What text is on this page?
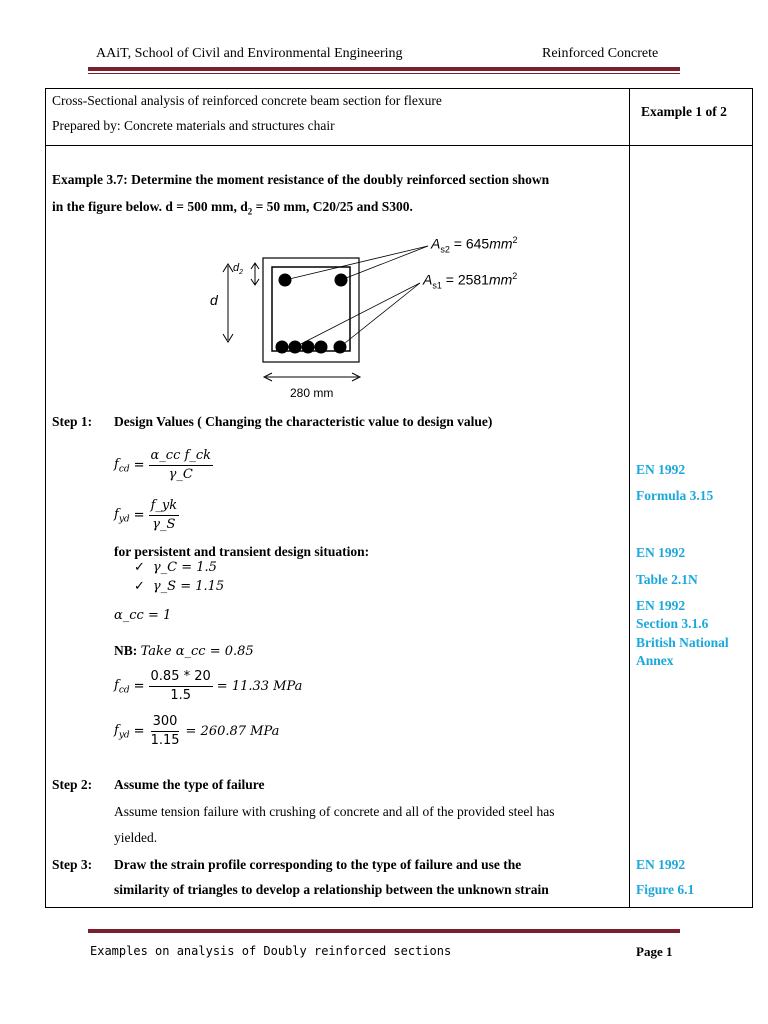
AAiT, School of Civil and Environmental Engineering	Reinforced Concrete
Cross-Sectional analysis of reinforced concrete beam section for flexure
Prepared by: Concrete materials and structures chair
Example 1 of 2
Example 3.7: Determine the moment resistance of the doubly reinforced section shown
in the figure below. d = 500 mm, $d_2 = 50$ mm, C20/25 and S300.
$A_{s2} = 645mm^2$
$A_{s1} = 2581mm^2$
d
$d_2$
280 mm
Step 1: Design Values ( Changing the characteristic value to design value)
$f_{cd} = \frac{\text{α\_cc f\_ck}}{\gamma\_C}$
$f_{yd} = \frac{f\_yk}{\gamma\_S}$
for persistent and transient design situation:
✓ γ_C = 1.5
✓ γ_S = 1.15
α_cc = 1
NB: Take α_cc = 0.85
$f_{cd} = \frac{0.85 * 20}{1.5} = 11.33$ MPa
$f_{yd} = \frac{300}{1.15} = 260.87$ MPa
Step 2: Assume the type of failure
Assume tension failure with crushing of concrete and all of the provided steel has
yielded.
Step 3: Draw the strain profile corresponding to the type of failure and use the
similarity of triangles to develop a relationship between the unknown strain
EN 1992
Formula 3.15
EN 1992
Table 2.1N
EN 1992
Section 3.1.6
British National
Annex
EN 1992
Figure 6.1
Examples on analysis of Doubly reinforced sections	Page 1
